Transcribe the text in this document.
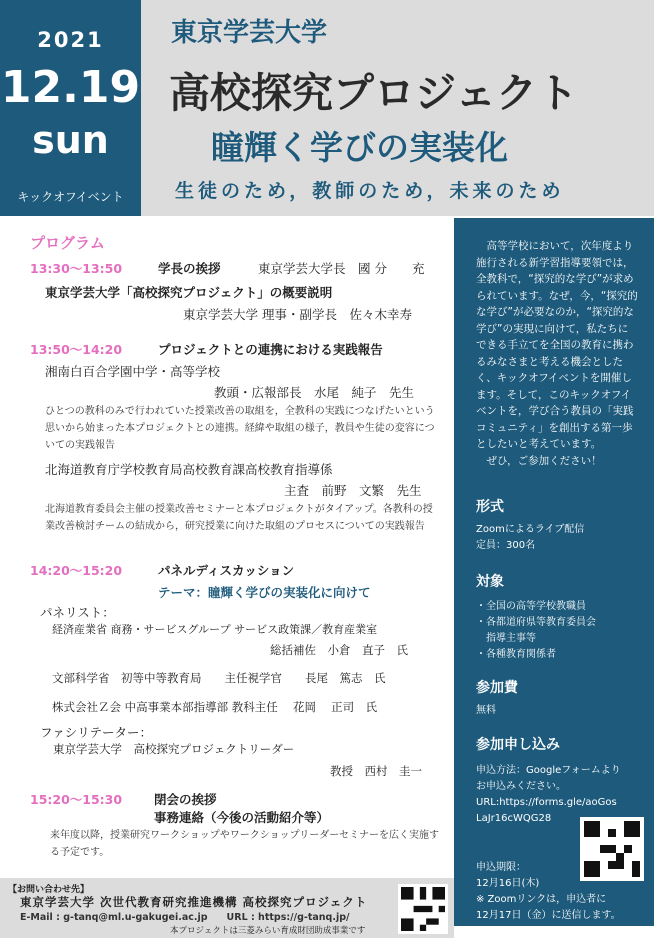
2021
12.19
sun
キックオフイベント
東京学芸大学
高校探究プロジェクト
瞳輝く学びの実装化
生徒のため，教師のため，未来のため
プログラム
13:30〜13:50	学長の挨拶	東京学芸大学長　國 分　　充
東京学芸大学「高校探究プロジェクト」の概要説明
東京学芸大学 理事・副学長　佐々木幸寿
13:50〜14:20	プロジェクトとの連携における実践報告
湘南白百合学園中学・高等学校
教頭・広報部長　水尾　純子　先生
ひとつの教科のみで行われていた授業改善の取組を，全教科の実践につなげたいという思いから始まった本プロジェクトとの連携。経緯や取組の様子，教員や生徒の変容についての実践報告
北海道教育庁学校教育局高校教育課高校教育指導係
主査　前野　文繁　先生
北海道教育委員会主催の授業改善セミナーと本プロジェクトがタイアップ。各教科の授業改善検討チームの結成から，研究授業に向けた取組のプロセスについての実践報告
14:20〜15:20	パネルディスカッション
テーマ：瞳輝く学びの実装化に向けて
パネリスト：
経済産業省 商務・サービスグループ サービス政策課／教育産業室
総括補佐　小倉　直子　氏
文部科学省　初等中等教育局　　主任視学官　　長尾　篤志　氏
株式会社Ｚ会 中高事業本部指導部 教科主任　 花岡　 正司　氏
ファシリテーター：
東京学芸大学　高校探究プロジェクトリーダー
教授　西村　圭一
15:20〜15:30	閉会の挨拶
事務連絡（今後の活動紹介等）
来年度以降，授業研究ワークショップやワークショップリーダーセミナーを広く実施する予定です。
　高等学校において，次年度より施行される新学習指導要領では，全教科で，“探究的な学び”が求められています。なぜ，今，“探究的な学び”が必要なのか，“探究的な学び”の実現に向けて，私たちにできる手立てを全国の教育に携わるみなさまと考える機会としたく、キックオフイベントを開催します。そして，このキックオフイベントを，学び合う教員の「実践コミュニティ」を創出する第一歩としたいと考えています。
　ぜひ，ご参加ください！
形式
Zoomによるライブ配信
定員：300名
対象
・全国の高等学校教職員
・各都道府県等教育委員会
　指導主事等
・各種教育関係者
参加費
無料
参加申し込み
申込方法：Googleフォームより
お申込みください。
URL:https://forms.gle/aoGos
LaJr16cWQG28
申込期限：
12月16日(木)
※ Zoomリンクは，申込者に
12月17日（金）に送信します。
【お問い合わせ先】
東京学芸大学 次世代教育研究推進機構 高校探究プロジェクト
E-Mail : g-tanq@ml.u-gakugei.ac.jp　　URL : https://g-tanq.jp/
本プロジェクトは三菱みらい育成財団助成事業です
